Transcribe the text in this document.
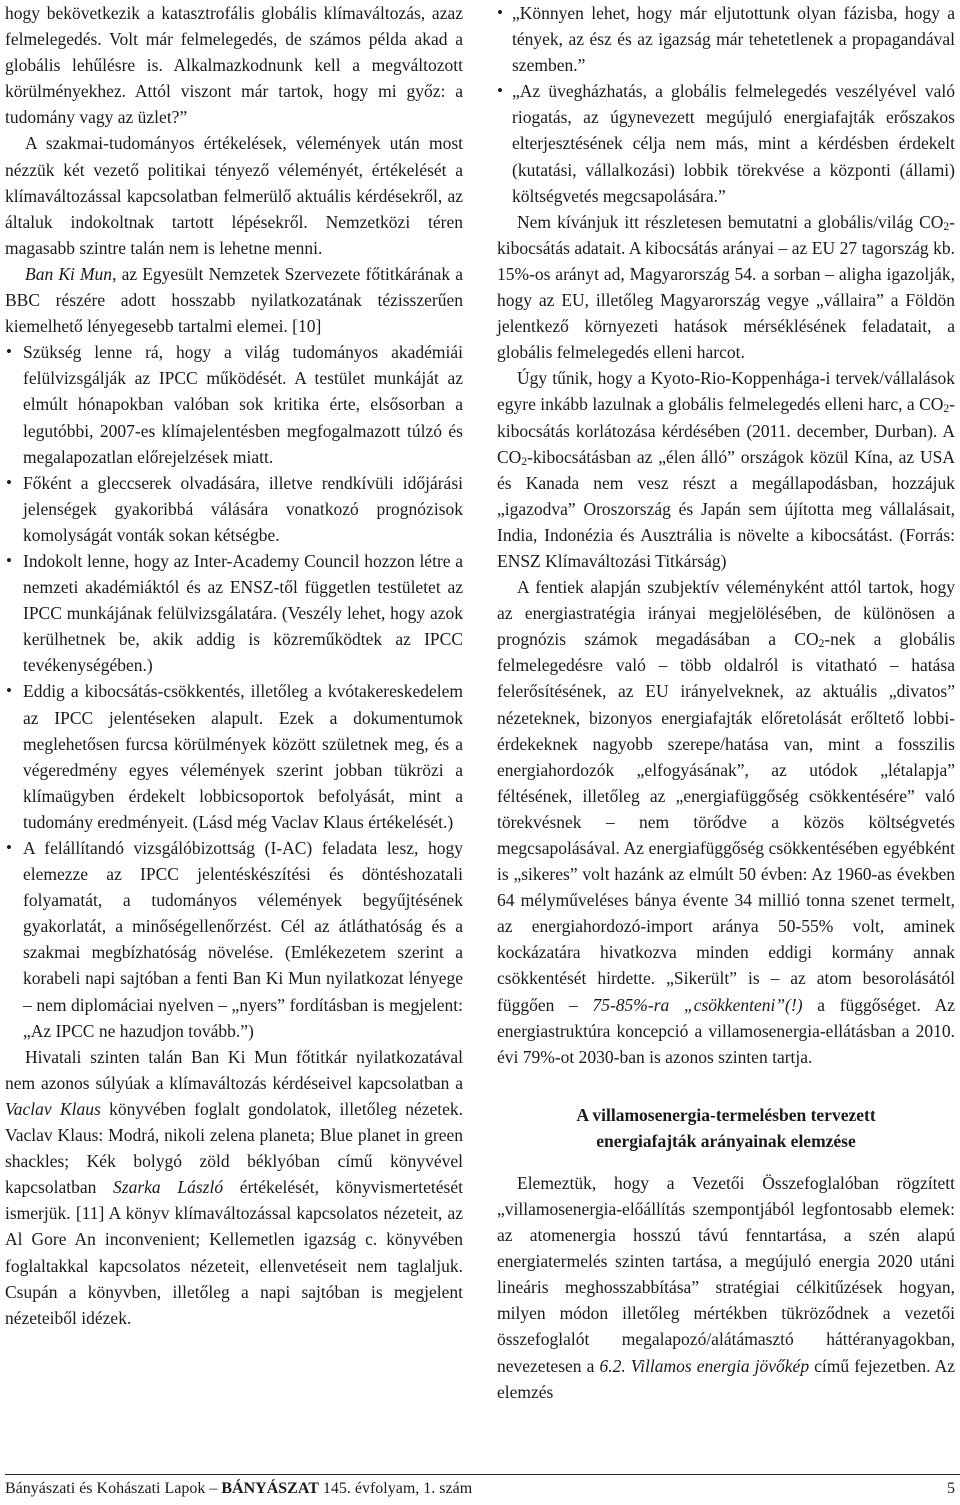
hogy bekövetkezik a katasztrofális globális klímaváltozás, azaz felmelegedés. Volt már felmelegedés, de számos példa akad a globális lehűlésre is. Alkalmazkodnunk kell a megváltozott körülményekhez. Attól viszont már tartok, hogy mi győz: a tudomány vagy az üzlet?”

A szakmai-tudományos értékelések, vélemények után most nézzük két vezető politikai tényező véleményét, értékelését a klímaváltozással kapcsolatban felmerülő aktuális kérdésekről, az általuk indokoltnak tartott lépésekről. Nemzetközi téren magasabb szintre talán nem is lehetne menni.

Ban Ki Mun, az Egyesült Nemzetek Szervezete főtitkárának a BBC részére adott hosszabb nyilatkozatának tézisszerűen kiemelhető lényegesebb tartalmi elemei. [10]

• Szükség lenne rá, hogy a világ tudományos akadémiái felülvizsgálják az IPCC működését. A testület munkáját az elmúlt hónapokban valóban sok kritika érte, elsősorban a legutóbbi, 2007-es klímajelentésben megfogalmazott túlzó és megalapozatlan előrejelzések miatt.
• Főként a gleccserek olvadására, illetve rendkívüli időjárási jelenségek gyakoribbá válására vonatkozó prognózisok komolyságát vonták sokan kétségbe.
• Indokolt lenne, hogy az Inter-Academy Council hozzon létre a nemzeti akadémiáktól és az ENSZ-től független testületet az IPCC munkájának felülvizsgálatára. (Veszély lehet, hogy azok kerülhetnek be, akik addig is közreműködtek az IPCC tevékenységében.)
• Eddig a kibocsátás-csökkentés, illetőleg a kvótakereskedelem az IPCC jelentéseken alapult. Ezek a dokumentumok meglehetősen furcsa körülmények között születnek meg, és a végeredmény egyes vélemények szerint jobban tükrözi a klímaügyben érdekelt lobbicsoportok befolyását, mint a tudomány eredményeit. (Lásd még Vaclav Klaus értékelését.)
• A felállítandó vizsgálóbizottság (I-AC) feladata lesz, hogy elemezze az IPCC jelentéskészítési és döntéshozatali folyamatát, a tudományos vélemények begyűjtésének gyakorlatát, a minőségellenőrzést. Cél az átláthatóság és a szakmai megbízhatóság növelése. (Emlékezetem szerint a korabeli napi sajtóban a fenti Ban Ki Mun nyilatkozat lényege – nem diplomáciai nyelven – „nyers” fordításban is megjelent: „Az IPCC ne hazudjon tovább.”)

Hivatali szinten talán Ban Ki Mun főtitkár nyilatkozatával nem azonos súlyúak a klímaváltozás kérdéseivel kapcsolatban a Vaclav Klaus könyvében foglalt gondolatok, illetőleg nézetek. Vaclav Klaus: Modrá, nikoli zelena planeta; Blue planet in green shackles; Kék bolygó zöld béklyóban című könyvével kapcsolatban Szarka László értékelését, könyvismertetését ismerjük. [11] A könyv klímaváltozással kapcsolatos nézeteit, az Al Gore An inconvenient; Kellemetlen igazság c. könyvében foglaltakkal kapcsolatos nézeteit, ellenvetéseit nem taglaljuk. Csupán a könyvben, illetőleg a napi sajtóban is megjelent nézeteiből idézek.

• „Könnyen lehet, hogy már eljutottunk olyan fázisba, hogy a tények, az ész és az igazság már tehetetlenek a propagandával szemben.”
• „Az üvegházhatás, a globális felmelegedés veszélyével való riogatás, az úgynevezett megújuló energiafajták erőszakos elterjesztésének célja nem más, mint a kérdésben érdekelt (kutatási, vállalkozási) lobbik törekvése a központi (állami) költségvetés megcsapolására.”

Nem kívánjuk itt részletesen bemutatni a globális/világ CO2-kibocsátás adatait. A kibocsátás arányai – az EU 27 tagország kb. 15%-os arányt ad, Magyarország 54. a sorban – aligha igazolják, hogy az EU, illetőleg Magyarország vegye „vállaira” a Földön jelentkező környezeti hatások mérséklésének feladatait, a globális felmelegedés elleni harcot.

Úgy tűnik, hogy a Kyoto-Rio-Koppenhága-i tervek/vállalások egyre inkább lazulnak a globális felmelegedés elleni harc, a CO2-kibocsátás korlátozása kérdésében (2011. december, Durban). A CO2-kibocsátásban az „élen álló” országok közül Kína, az USA és Kanada nem vesz részt a megállapodásban, hozzájuk „igazodva” Oroszország és Japán sem újította meg vállalásait, India, Indonézia és Ausztrália is növelte a kibocsátást. (Forrás: ENSZ Klímaváltozási Titkárság)

A fentiek alapján szubjektív véleményként attól tartok, hogy az energiastratégia irányai megjelölésében, de különösen a prognózis számok megadásában a CO2-nek a globális felmelegedésre való – több oldalról is vitatható – hatása felerősítésének, az EU irányelveknek, az aktuális „divatos” nézeteknek, bizonyos energiafajták előretolását erőltető lobbi-érdekeknek nagyobb szerepe/hatása van, mint a fosszilis energiahordozók „elfogyásának”, az utódok „létalapja” féltésének, illetőleg az „energiafüggőség csökkentésére” való törekvésnek – nem törődve a közös költségvetés megcsapolásával. Az energiafüggőség csökkentésében egyébként is „sikeres” volt hazánk az elmúlt 50 évben: Az 1960-as években 64 mélyműveléses bánya évente 34 millió tonna szenet termelt, az energiahordozó-import aránya 50-55% volt, aminek kockázatára hivatkozva minden eddigi kormány annak csökkentését hirdette. „Sikerült” is – az atom besorolásától függően – 75-85%-ra „csökkenteni”(!) a függőséget. Az energiastruktúra koncepció a villamosenergia-ellátásban a 2010. évi 79%-ot 2030-ban is azonos szinten tartja.

A villamosenergia-termelésben tervezett
energiafajták arányainak elemzése

Elemeztük, hogy a Vezetői Összefoglalóban rögzített „villamosenergia-előállítás szempontjából legfontosabb elemek: az atomenergia hosszú távú fenntartása, a szén alapú energiatermelés szinten tartása, a megújuló energia 2020 utáni lineáris meghosszabbítása” stratégiai célkitűzések hogyan, milyen módon illetőleg mértékben tükröződnek a vezetői összefoglalót megalapozó/alátámasztó háttéranyagokban, nevezetesen a 6.2. Villamos energia jövőkép című fejezetben. Az elemzés

Bányászati és Kohászati Lapok – BÁNYÁSZAT 145. évfolyam, 1. szám	5
